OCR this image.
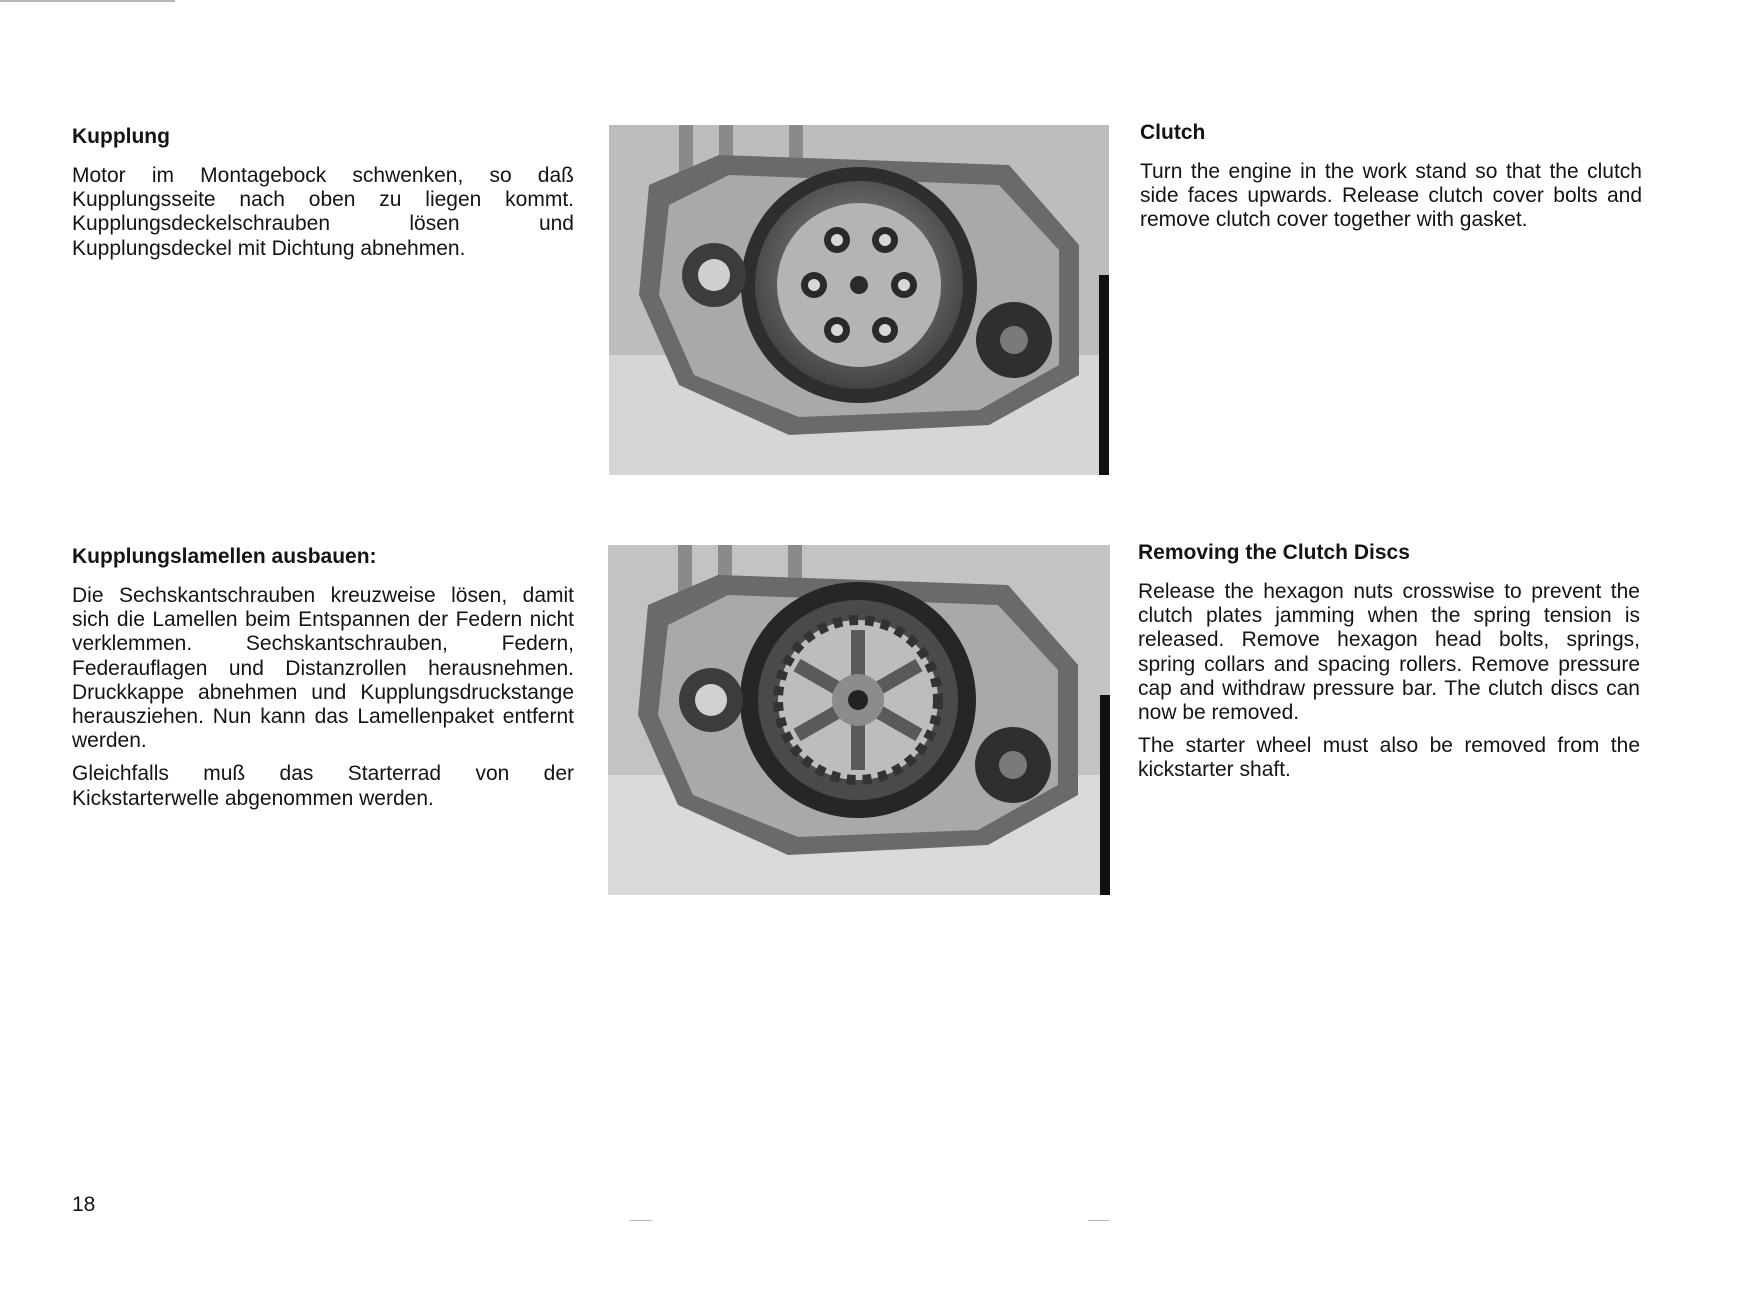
Kupplung

Motor im Montagebock schwenken, so daß Kupplungsseite nach oben zu liegen kommt. Kupplungsdeckelschrauben lösen und Kupplungsdeckel mit Dichtung abnehmen.

Clutch

Turn the engine in the work stand so that the clutch side faces upwards. Release clutch cover bolts and remove clutch cover together with gasket.

Kupplungslamellen ausbauen:

Die Sechskantschrauben kreuzweise lösen, damit sich die Lamellen beim Entspannen der Federn nicht verklemmen. Sechskantschrauben, Federn, Federauflagen und Distanzrollen herausnehmen. Druckkappe abnehmen und Kupplungsdruckstange herausziehen. Nun kann das Lamellenpaket entfernt werden.

Gleichfalls muß das Starterrad von der Kickstarterwelle abgenommen werden.

Removing the Clutch Discs

Release the hexagon nuts crosswise to prevent the clutch plates jamming when the spring tension is released. Remove hexagon head bolts, springs, spring collars and spacing rollers. Remove pressure cap and withdraw pressure bar. The clutch discs can now be removed.

The starter wheel must also be removed from the kickstarter shaft.

18
